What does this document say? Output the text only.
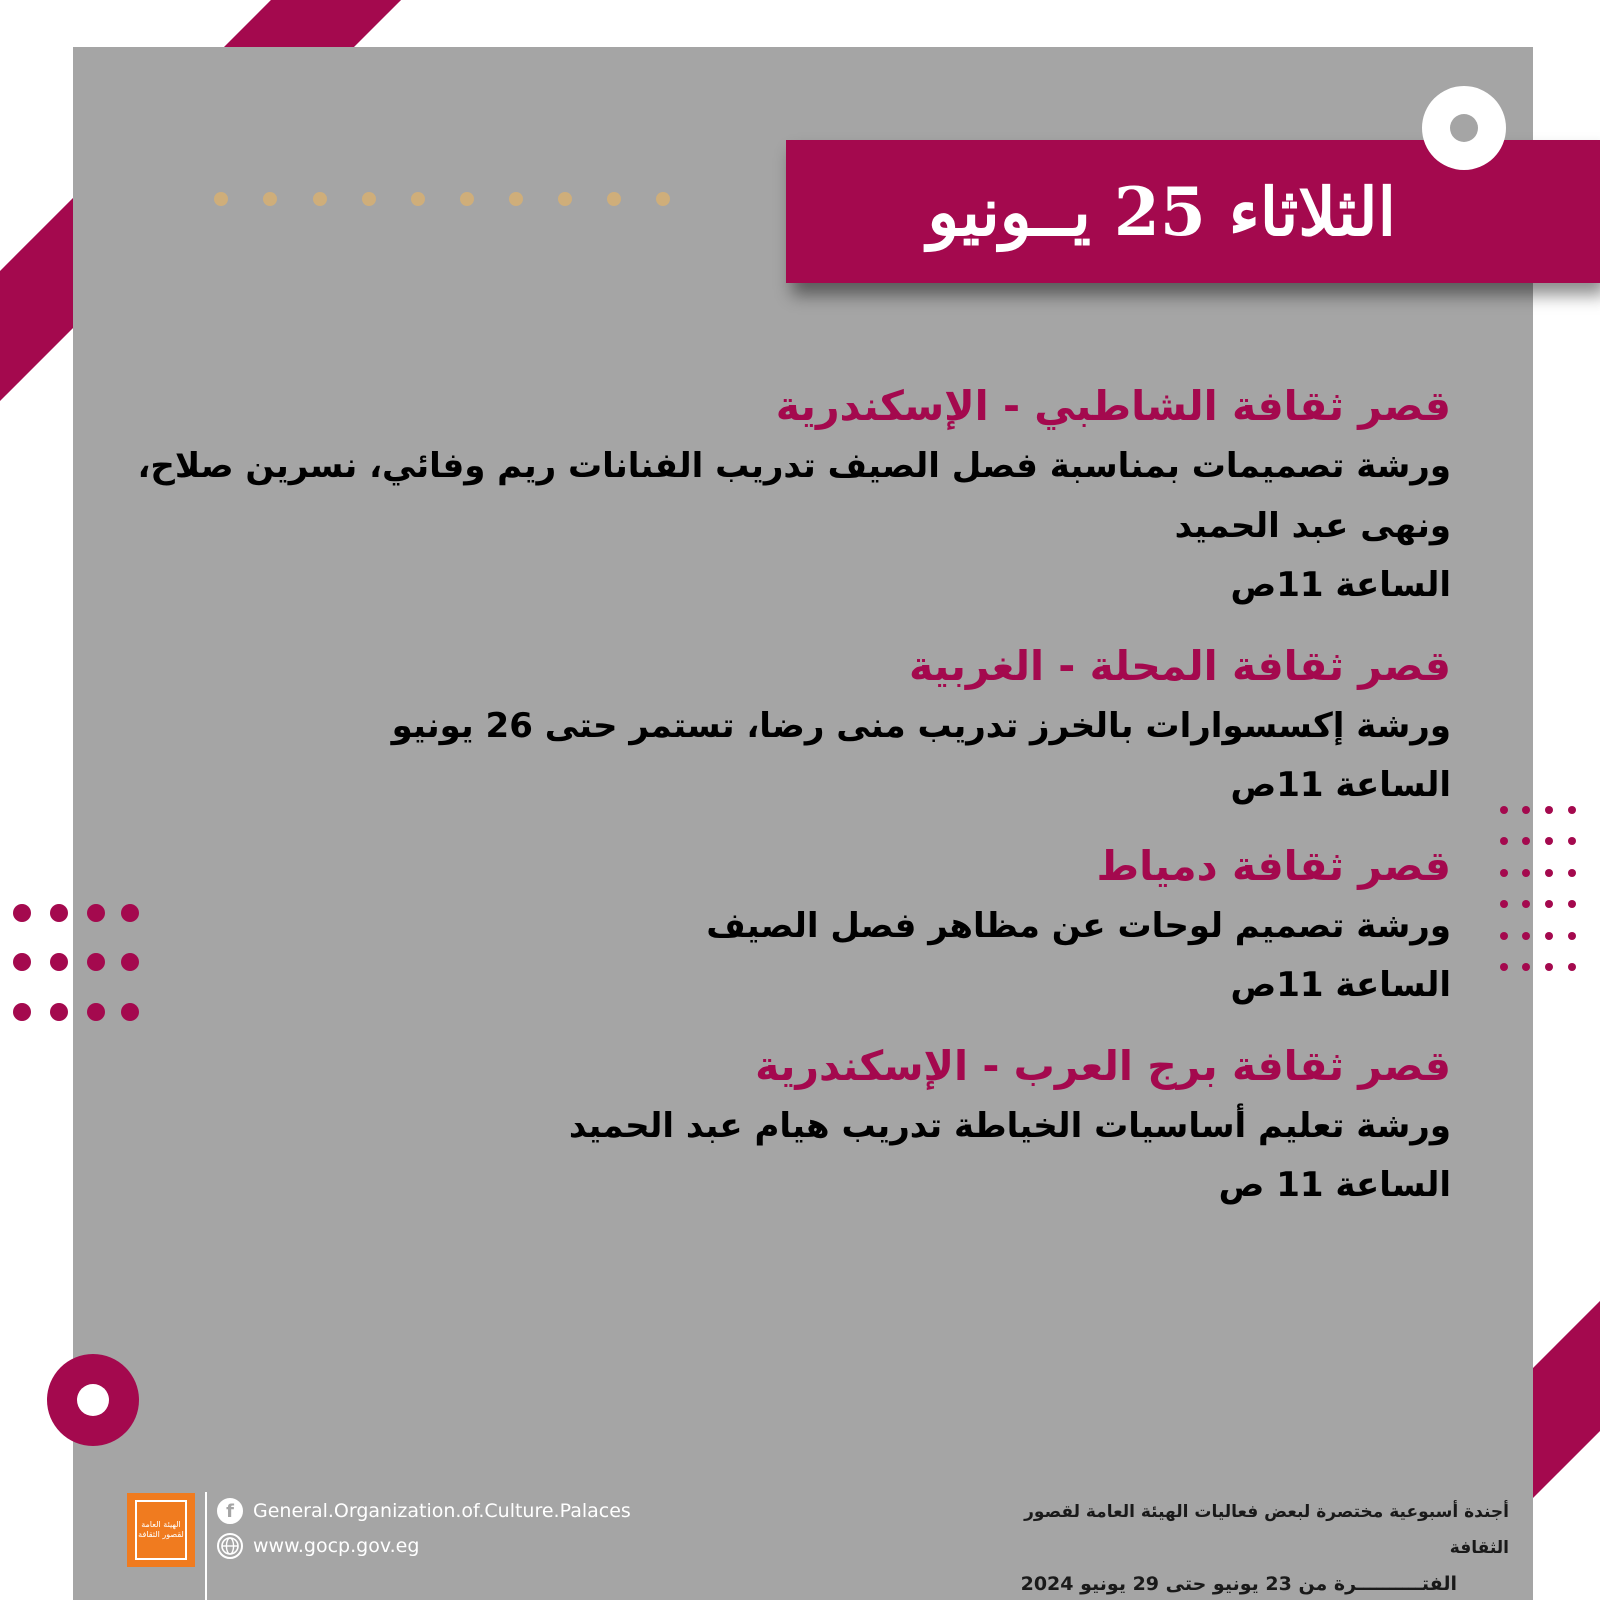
الثلاثاء 25 يــونيو
قصر ثقافة الشاطبي - الإسكندرية
ورشة تصميمات بمناسبة فصل الصيف تدريب الفنانات ريم وفائي، نسرين صلاح،
ونهى عبد الحميد
الساعة 11ص
قصر ثقافة المحلة - الغربية
ورشة إكسسوارات بالخرز تدريب منى رضا، تستمر حتى 26 يونيو
الساعة 11ص
قصر ثقافة دمياط
ورشة تصميم لوحات عن مظاهر فصل الصيف
الساعة 11ص
قصر ثقافة برج العرب - الإسكندرية
ورشة تعليم أساسيات الخياطة تدريب هيام عبد الحميد
الساعة 11 ص
الهيئة العامة لقصور الثقافة
f	General.Organization.of.Culture.Palaces
www.gocp.gov.eg
أجندة أسبوعية مختصرة لبعض فعاليات الهيئة العامة لقصور الثقافة
الفتــــــــــرة من 23 يونيو حتى 29 يونيو 2024
